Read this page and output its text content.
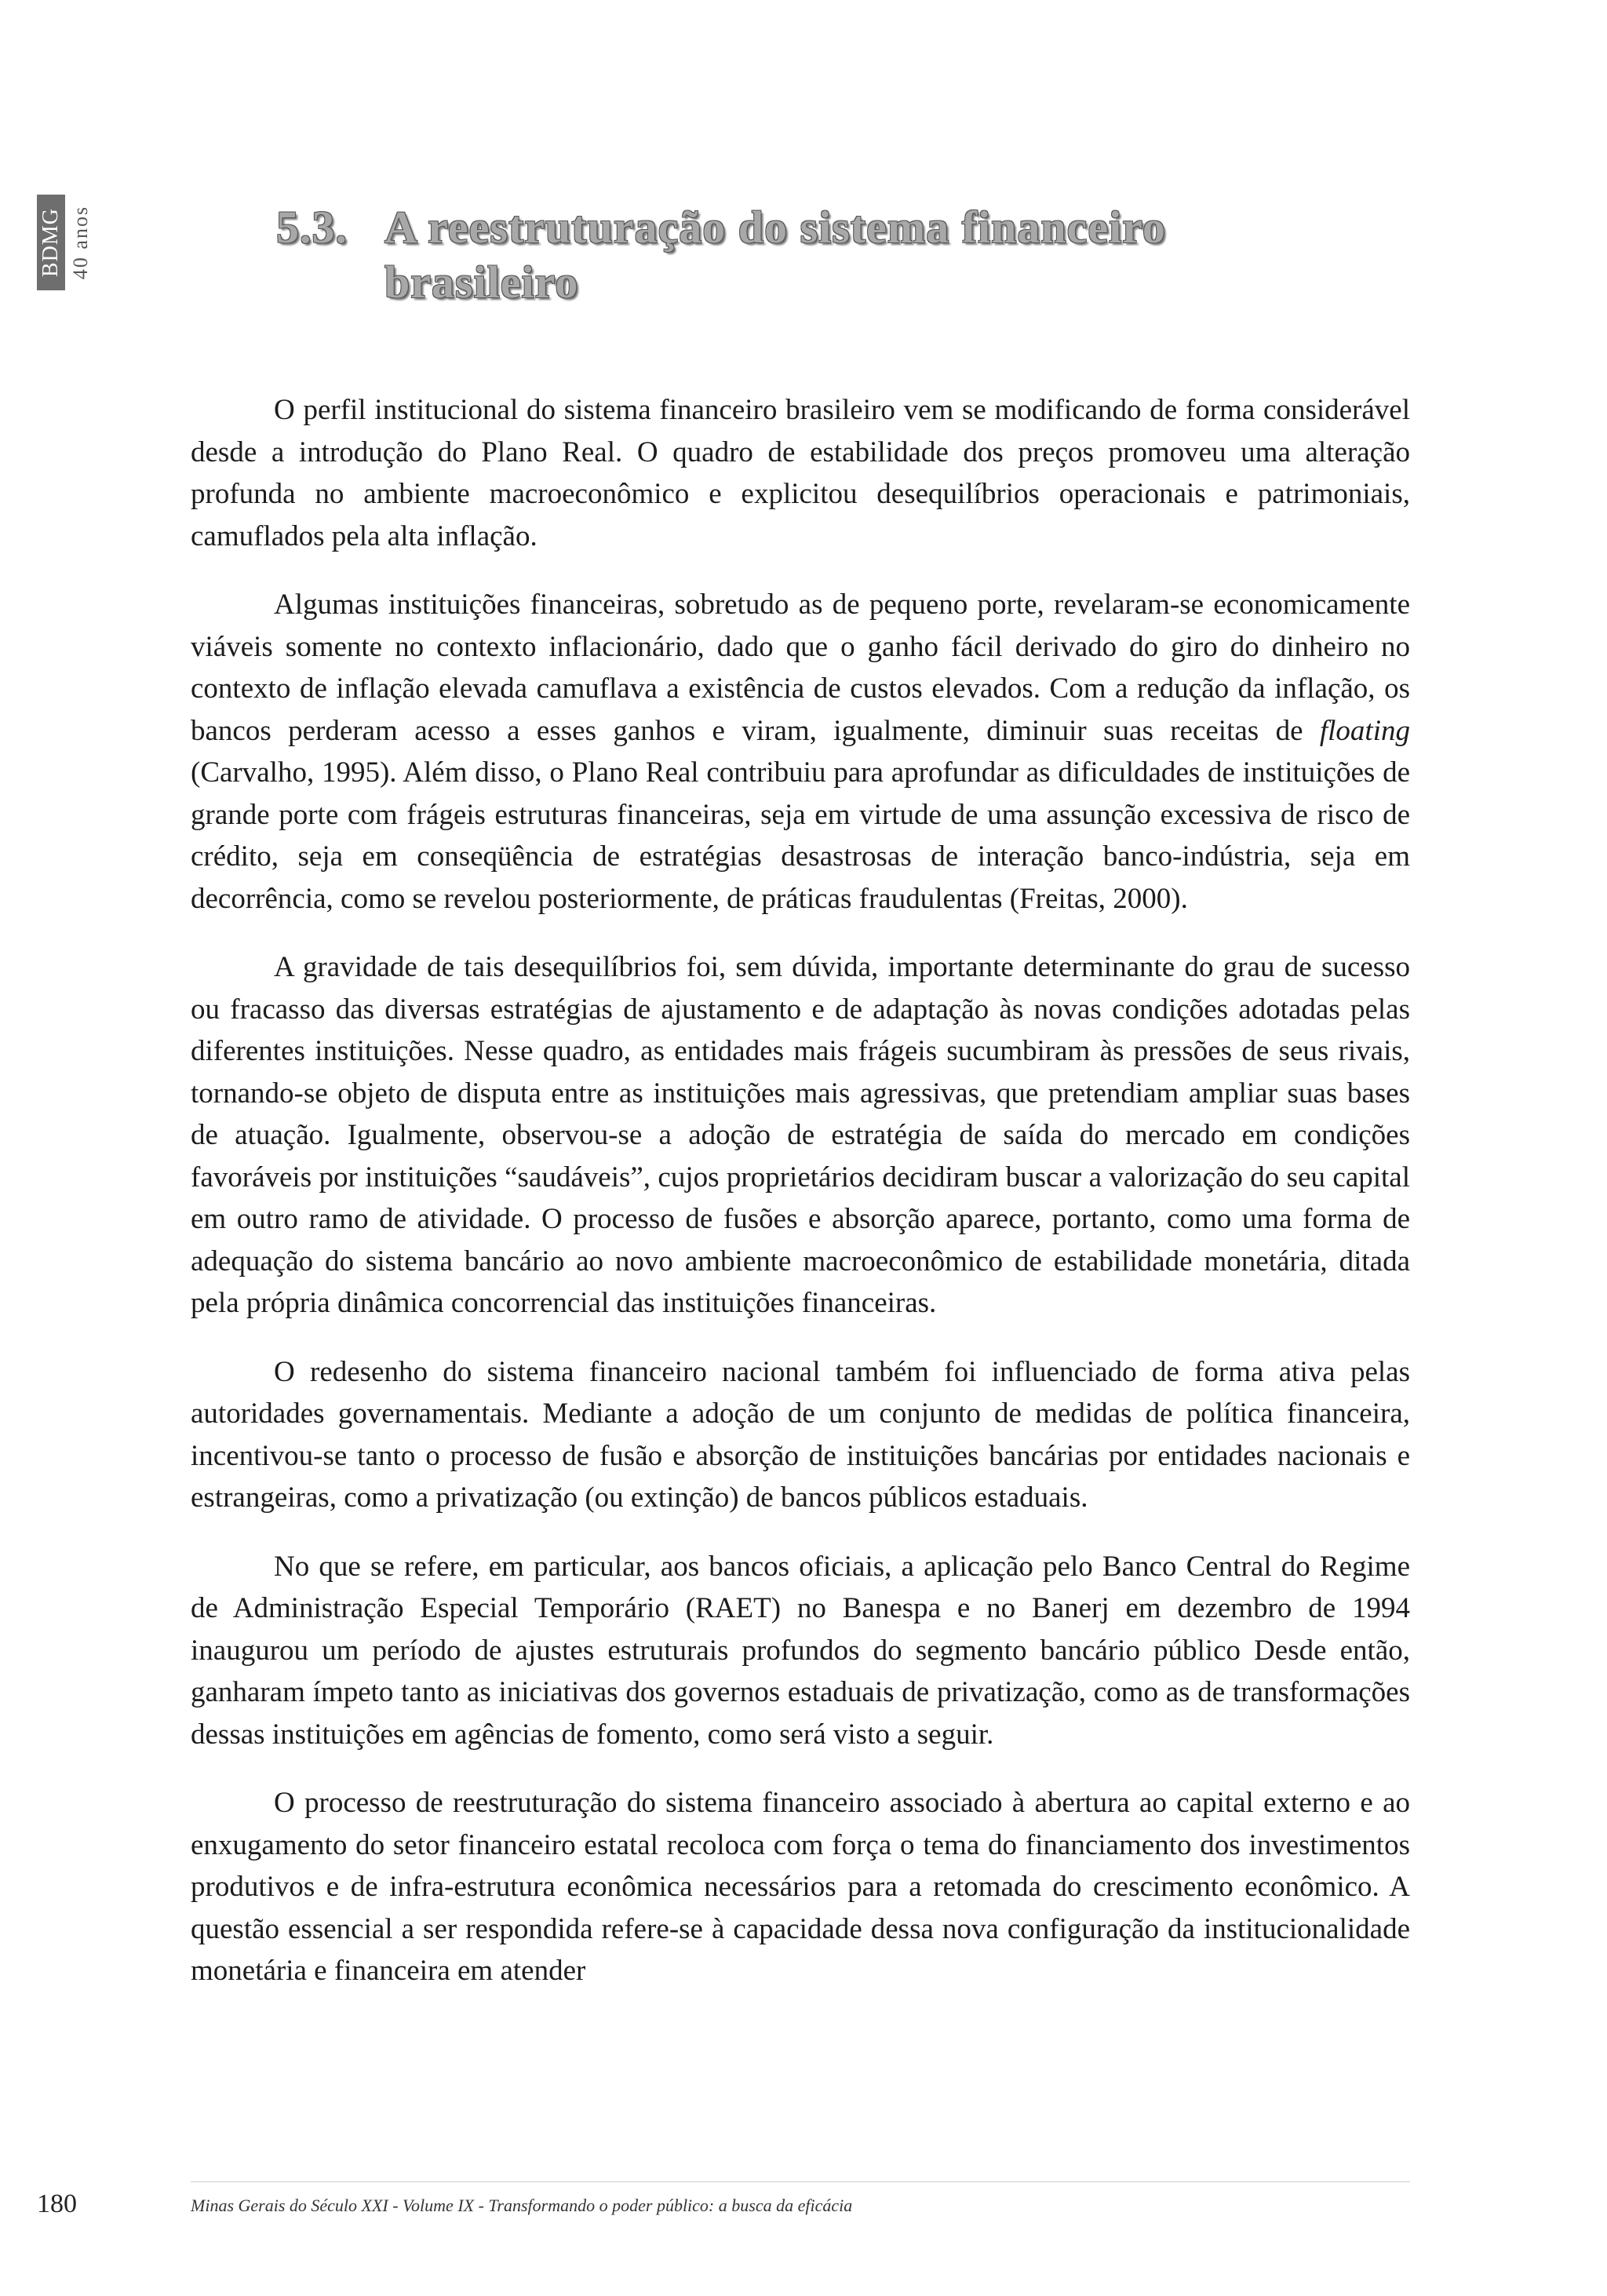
BDMG 40 anos	5.3. A reestruturação do sistema financeiro
brasileiro

O perfil institucional do sistema financeiro brasileiro vem se modificando de forma considerável desde a introdução do Plano Real. O quadro de estabilidade dos preços promoveu uma alteração profunda no ambiente macroeconômico e explicitou desequilíbrios operacionais e patrimoniais, camuflados pela alta inflação.

Algumas instituições financeiras, sobretudo as de pequeno porte, revelaram-se economicamente viáveis somente no contexto inflacionário, dado que o ganho fácil derivado do giro do dinheiro no contexto de inflação elevada camuflava a existência de custos elevados. Com a redução da inflação, os bancos perderam acesso a esses ganhos e viram, igualmente, diminuir suas receitas de floating (Carvalho, 1995). Além disso, o Plano Real contribuiu para aprofundar as dificuldades de instituições de grande porte com frágeis estruturas financeiras, seja em virtude de uma assunção excessiva de risco de crédito, seja em conseqüência de estratégias desastrosas de interação banco-indústria, seja em decorrência, como se revelou posteriormente, de práticas fraudulentas (Freitas, 2000).

A gravidade de tais desequilíbrios foi, sem dúvida, importante determinante do grau de sucesso ou fracasso das diversas estratégias de ajustamento e de adaptação às novas condições adotadas pelas diferentes instituições. Nesse quadro, as entidades mais frágeis sucumbiram às pressões de seus rivais, tornando-se objeto de disputa entre as instituições mais agressivas, que pretendiam ampliar suas bases de atuação. Igualmente, observou-se a adoção de estratégia de saída do mercado em condições favoráveis por instituições “saudáveis”, cujos proprietários decidiram buscar a valorização do seu capital em outro ramo de atividade. O processo de fusões e absorção aparece, portanto, como uma forma de adequação do sistema bancário ao novo ambiente macroeconômico de estabilidade monetária, ditada pela própria dinâmica concorrencial das instituições financeiras.

O redesenho do sistema financeiro nacional também foi influenciado de forma ativa pelas autoridades governamentais. Mediante a adoção de um conjunto de medidas de política financeira, incentivou-se tanto o processo de fusão e absorção de instituições bancárias por entidades nacionais e estrangeiras, como a privatização (ou extinção) de bancos públicos estaduais.

No que se refere, em particular, aos bancos oficiais, a aplicação pelo Banco Central do Regime de Administração Especial Temporário (RAET) no Banespa e no Banerj em dezembro de 1994 inaugurou um período de ajustes estruturais profundos do segmento bancário público Desde então, ganharam ímpeto tanto as iniciativas dos governos estaduais de privatização, como as de transformações dessas instituições em agências de fomento, como será visto a seguir.

O processo de reestruturação do sistema financeiro associado à abertura ao capital externo e ao enxugamento do setor financeiro estatal recoloca com força o tema do financiamento dos investimentos produtivos e de infra-estrutura econômica necessários para a retomada do crescimento econômico. A questão essencial a ser respondida refere-se à capacidade dessa nova configuração da institucionalidade monetária e financeira em atender

180	Minas Gerais do Século XXI - Volume IX - Transformando o poder público: a busca da eficácia
